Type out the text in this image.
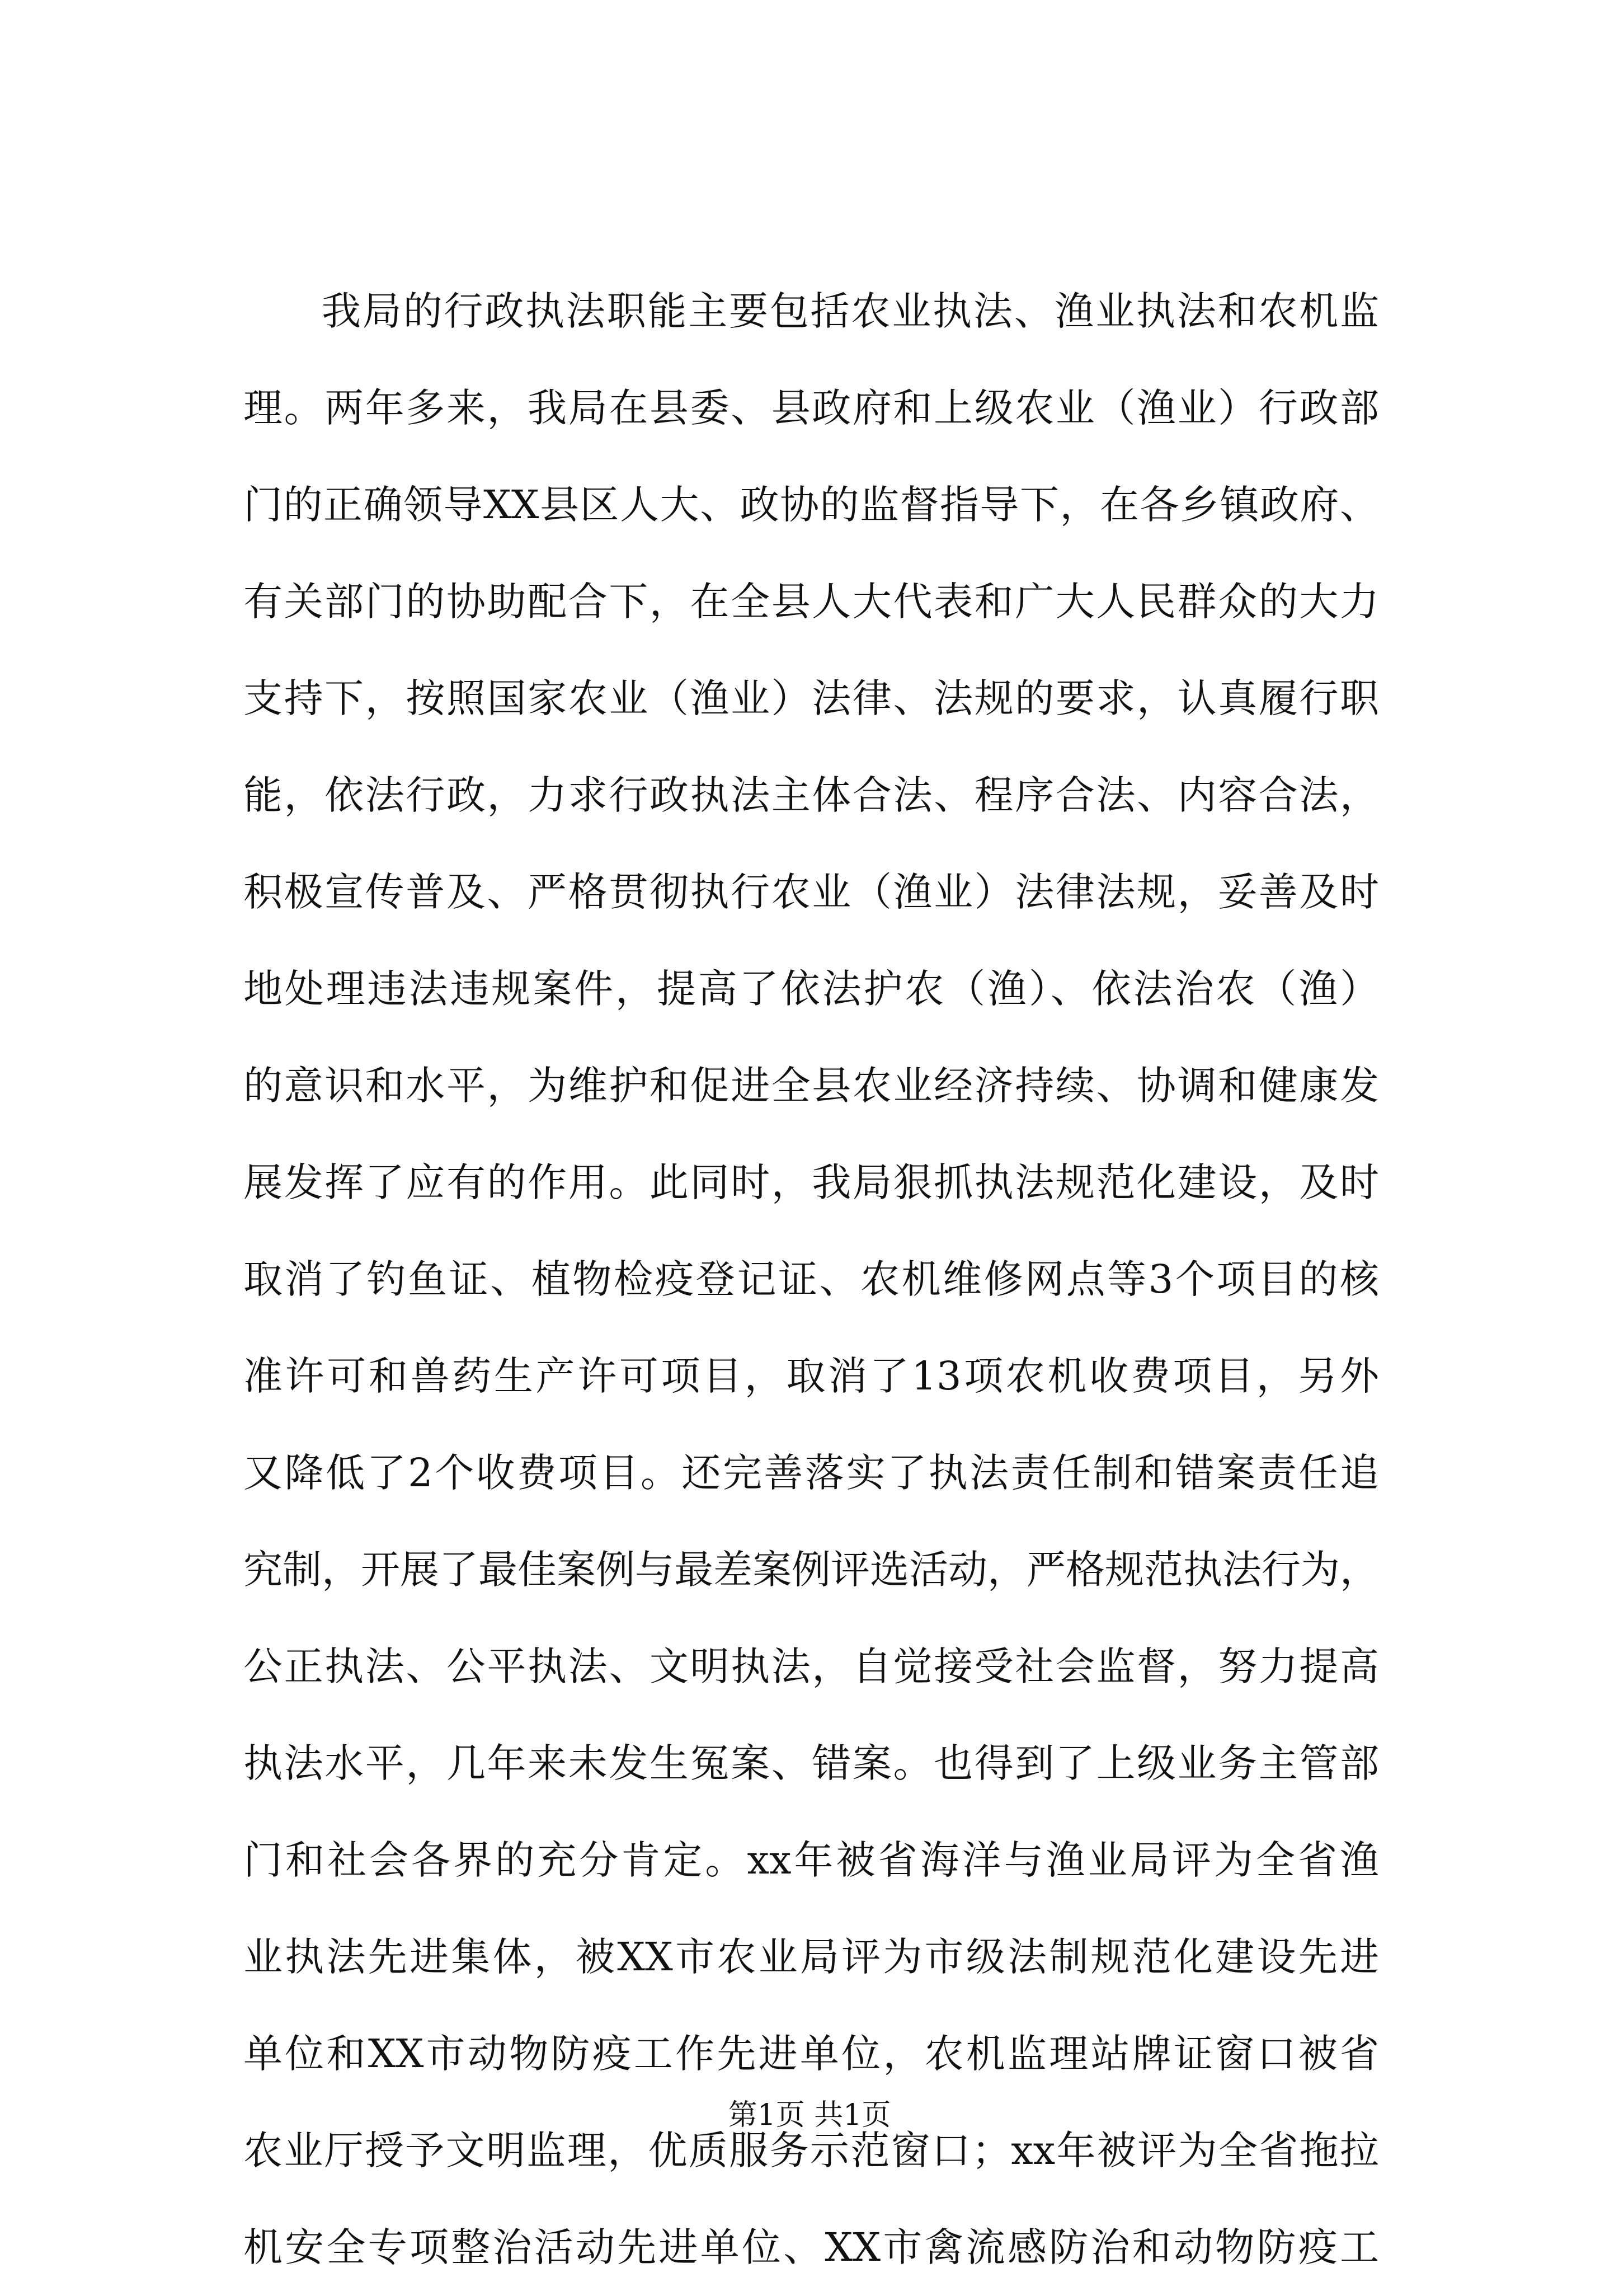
我局的行政执法职能主要包括农业执法、渔业执法和农机监
理。两年多来，我局在县委、县政府和上级农业（渔业）行政部
门的正确领导XX县区人大、政协的监督指导下，在各乡镇政府、
有关部门的协助配合下，在全县人大代表和广大人民群众的大力
支持下，按照国家农业（渔业）法律、法规的要求，认真履行职
能，依法行政，力求行政执法主体合法、程序合法、内容合法，
积极宣传普及、严格贯彻执行农业（渔业）法律法规，妥善及时
地处理违法违规案件，提高了依法护农（渔）、依法治农（渔）
的意识和水平，为维护和促进全县农业经济持续、协调和健康发
展发挥了应有的作用。此同时，我局狠抓执法规范化建设，及时
取消了钓鱼证、植物检疫登记证、农机维修网点等3个项目的核
准许可和兽药生产许可项目，取消了13项农机收费项目，另外
又降低了2个收费项目。还完善落实了执法责任制和错案责任追
究制，开展了最佳案例与最差案例评选活动，严格规范执法行为，
公正执法、公平执法、文明执法，自觉接受社会监督，努力提高
执法水平，几年来未发生冤案、错案。也得到了上级业务主管部
门和社会各界的充分肯定。xx年被省海洋与渔业局评为全省渔
业执法先进集体，被XX市农业局评为市级法制规范化建设先进
单位和XX市动物防疫工作先进单位，农机监理站牌证窗口被省
农业厅授予文明监理，优质服务示范窗口；xx年被评为全省拖拉
机安全专项整治活动先进单位、XX市禽流感防治和动物防疫工
第1页 共1页
